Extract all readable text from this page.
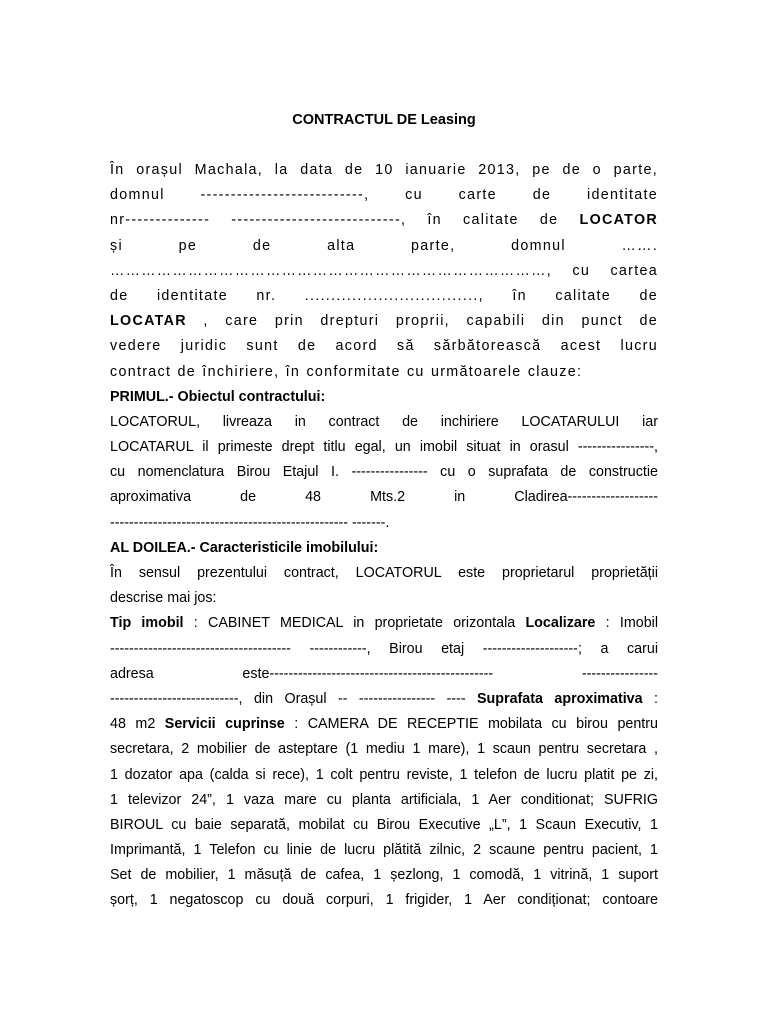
CONTRACTUL DE Leasing
În orașul Machala, la data de 10 ianuarie 2013, pe de o parte,
domnul ---------------------------, cu carte de identitate
nr-------------- ----------------------------, în calitate de LOCATOR
și pe de alta parte, domnul …….
…………………………………………………………………………, cu cartea
de identitate nr. ................................., în calitate de
LOCATAR , care prin drepturi proprii, capabili din punct de
vedere juridic sunt de acord să sărbătorească acest lucru
contract de închiriere, în conformitate cu următoarele clauze:
PRIMUL.- Obiectul contractului:
LOCATORUL, livreaza in contract de inchiriere LOCATARULUI iar
LOCATARUL il primeste drept titlu egal, un imobil situat in orasul ----------------,
cu nomenclatura Birou Etajul I. ---------------- cu o suprafata de constructie
aproximativa de 48 Mts.2 in Cladirea-------------------
-------------------------------------------------- -------.
AL DOILEA.- Caracteristicile imobilului:
În sensul prezentului contract, LOCATORUL este proprietarul proprietății
descrise mai jos:
Tip imobil : CABINET MEDICAL in proprietate orizontala Localizare : Imobil
-------------------------------------- ------------, Birou etaj --------------------; a carui
adresa este----------------------------------------------- ----------------
---------------------------, din Orașul -- ---------------- ---- Suprafata aproximativa :
48 m2 Servicii cuprinse : CAMERA DE RECEPTIE mobilata cu birou pentru
secretara, 2 mobilier de asteptare (1 mediu 1 mare), 1 scaun pentru secretara ,
1 dozator apa (calda si rece), 1 colt pentru reviste, 1 telefon de lucru platit pe zi,
1 televizor 24”, 1 vaza mare cu planta artificiala, 1 Aer conditionat; SUFRIG
BIROUL cu baie separată, mobilat cu Birou Executive „L”, 1 Scaun Executiv, 1
Imprimantă, 1 Telefon cu linie de lucru plătită zilnic, 2 scaune pentru pacient, 1
Set de mobilier, 1 măsuță de cafea, 1 șezlong, 1 comodă, 1 vitrină, 1 suport
șorț, 1 negatoscop cu două corpuri, 1 frigider, 1 Aer condiționat; contoare
